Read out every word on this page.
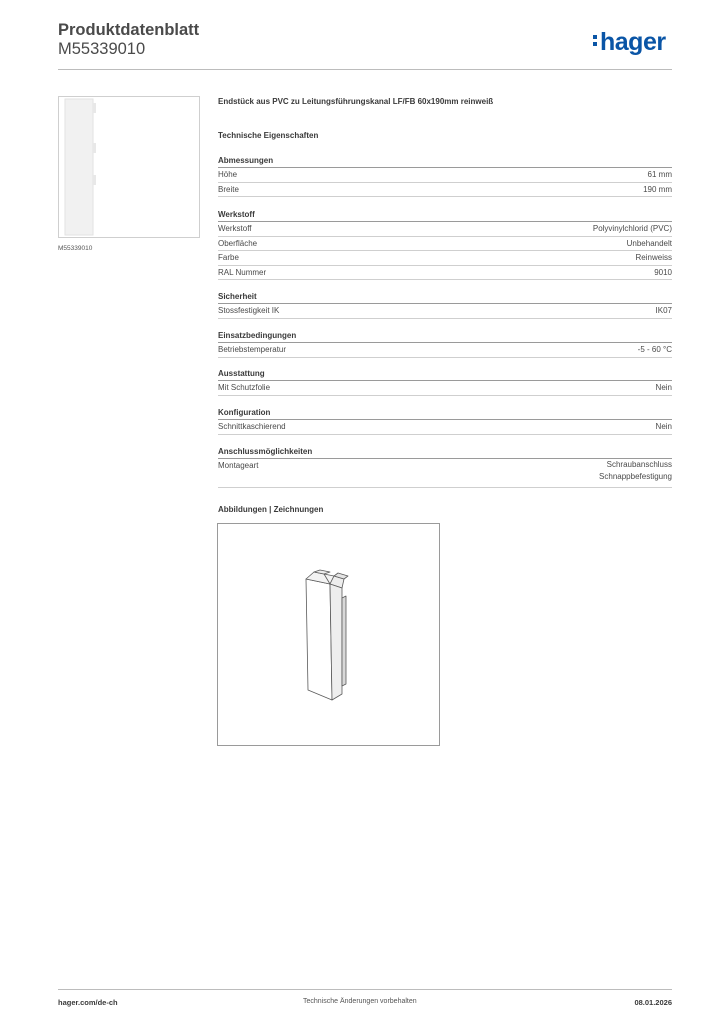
Produktdatenblatt
M55339010	hager
M55339010
Endstück aus PVC zu Leitungsführungskanal LF/FB 60x190mm reinweiß
Technische Eigenschaften
Abmessungen
Höhe	61 mm
Breite	190 mm
Werkstoff
Werkstoff	Polyvinylchlorid (PVC)
Oberfläche	Unbehandelt
Farbe	Reinweiss
RAL Nummer	9010
Sicherheit
Stossfestigkeit IK	IK07
Einsatzbedingungen
Betriebstemperatur	-5 - 60 °C
Ausstattung
Mit Schutzfolie	Nein
Konfiguration
Schnittkaschierend	Nein
Anschlussmöglichkeiten
Montageart	Schraubanschluss
Schnappbefestigung
Abbildungen | Zeichnungen
hager.com/de-ch	Technische Änderungen vorbehalten	08.01.2026
